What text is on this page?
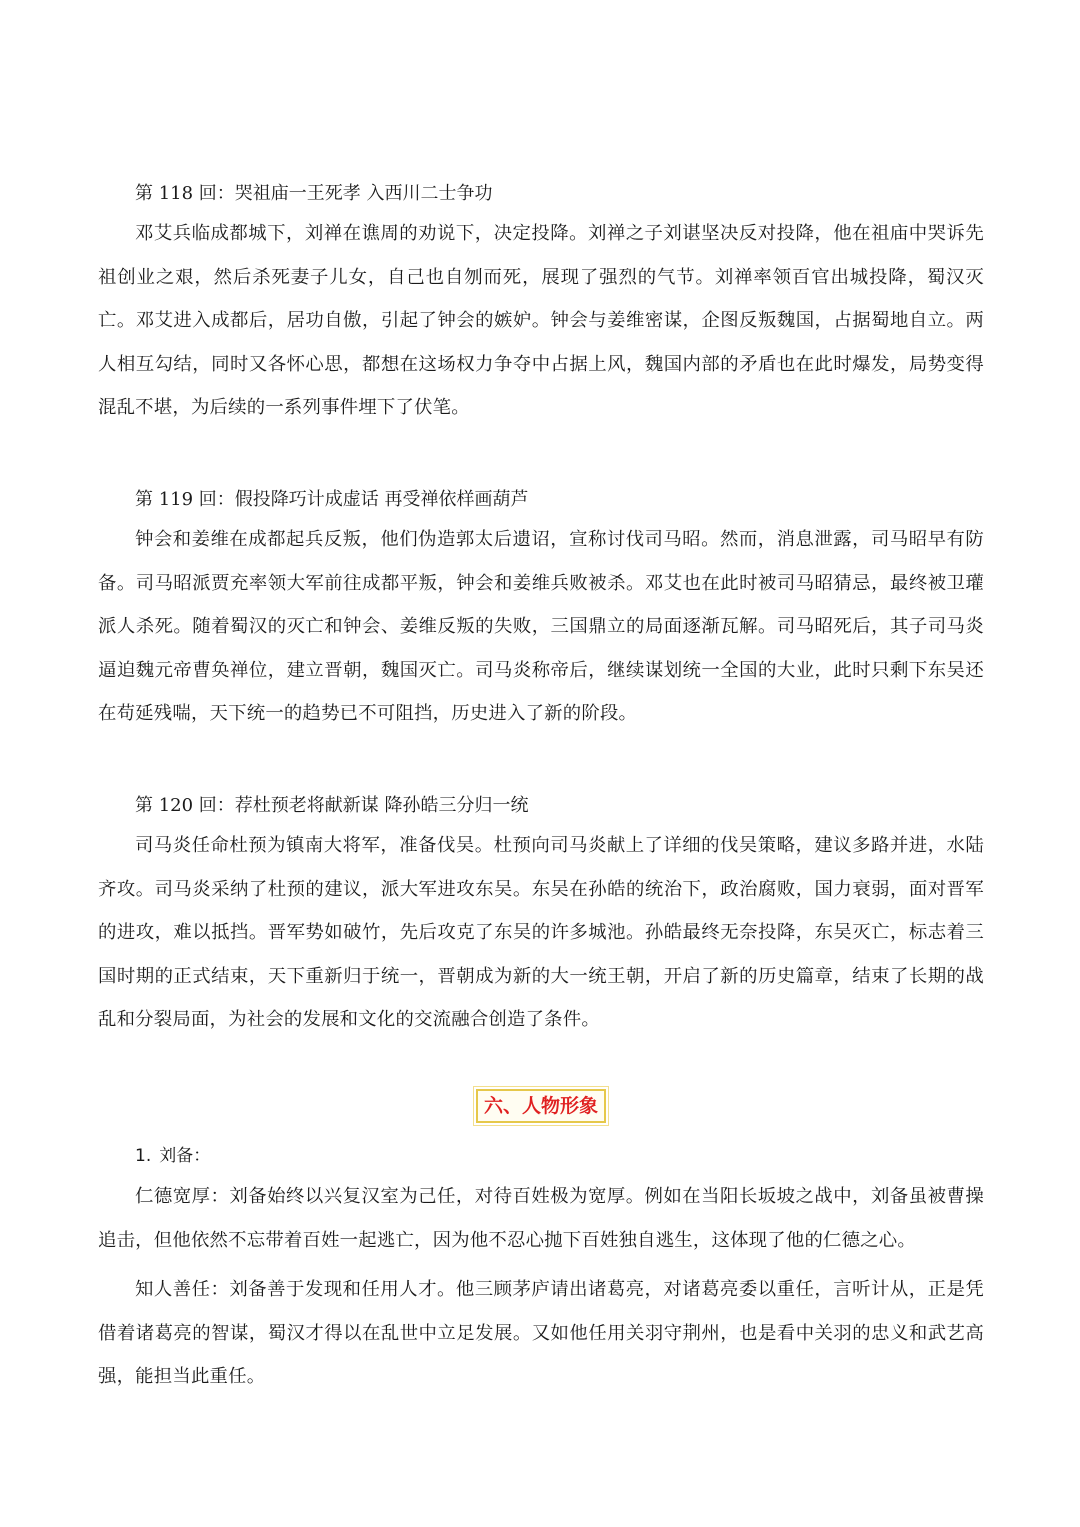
第 118 回：哭祖庙一王死孝 入西川二士争功

邓艾兵临成都城下，刘禅在谯周的劝说下，决定投降。刘禅之子刘谌坚决反对投降，他在祖庙中哭诉先祖创业之艰，然后杀死妻子儿女，自己也自刎而死，展现了强烈的气节。刘禅率领百官出城投降，蜀汉灭亡。邓艾进入成都后，居功自傲，引起了钟会的嫉妒。钟会与姜维密谋，企图反叛魏国，占据蜀地自立。两人相互勾结，同时又各怀心思，都想在这场权力争夺中占据上风，魏国内部的矛盾也在此时爆发，局势变得混乱不堪，为后续的一系列事件埋下了伏笔。

第 119 回：假投降巧计成虚话 再受禅依样画葫芦

钟会和姜维在成都起兵反叛，他们伪造郭太后遗诏，宣称讨伐司马昭。然而，消息泄露，司马昭早有防备。司马昭派贾充率领大军前往成都平叛，钟会和姜维兵败被杀。邓艾也在此时被司马昭猜忌，最终被卫瓘派人杀死。随着蜀汉的灭亡和钟会、姜维反叛的失败，三国鼎立的局面逐渐瓦解。司马昭死后，其子司马炎逼迫魏元帝曹奂禅位，建立晋朝，魏国灭亡。司马炎称帝后，继续谋划统一全国的大业，此时只剩下东吴还在苟延残喘，天下统一的趋势已不可阻挡，历史进入了新的阶段。

第 120 回：荐杜预老将献新谋 降孙皓三分归一统

司马炎任命杜预为镇南大将军，准备伐吴。杜预向司马炎献上了详细的伐吴策略，建议多路并进，水陆齐攻。司马炎采纳了杜预的建议，派大军进攻东吴。东吴在孙皓的统治下，政治腐败，国力衰弱，面对晋军的进攻，难以抵挡。晋军势如破竹，先后攻克了东吴的许多城池。孙皓最终无奈投降，东吴灭亡，标志着三国时期的正式结束，天下重新归于统一，晋朝成为新的大一统王朝，开启了新的历史篇章，结束了长期的战乱和分裂局面，为社会的发展和文化的交流融合创造了条件。

六、人物形象
1. 刘备：

仁德宽厚：刘备始终以兴复汉室为己任，对待百姓极为宽厚。例如在当阳长坂坡之战中，刘备虽被曹操追击，但他依然不忘带着百姓一起逃亡，因为他不忍心抛下百姓独自逃生，这体现了他的仁德之心。

知人善任：刘备善于发现和任用人才。他三顾茅庐请出诸葛亮，对诸葛亮委以重任，言听计从，正是凭借着诸葛亮的智谋，蜀汉才得以在乱世中立足发展。又如他任用关羽守荆州，也是看中关羽的忠义和武艺高强，能担当此重任。
